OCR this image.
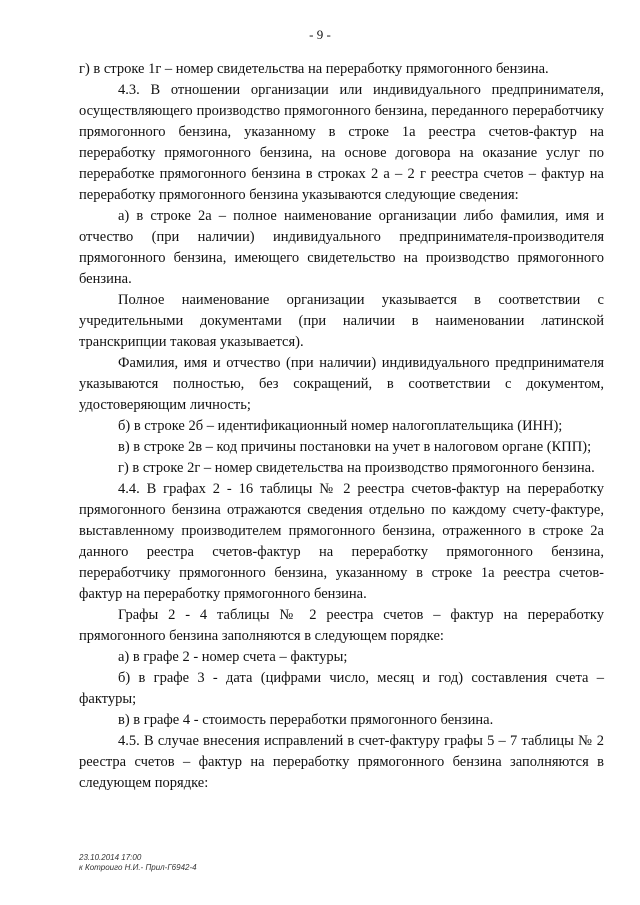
- 9 -

г) в строке 1г – номер свидетельства на переработку прямогонного бензина.

4.3. В отношении организации или индивидуального предпринимателя, осуществляющего производство прямогонного бензина, переданного переработчику прямогонного бензина, указанному в строке 1а реестра счетов-фактур на переработку прямогонного бензина, на основе договора на оказание услуг по переработке прямогонного бензина в строках 2 а – 2 г реестра счетов – фактур на переработку прямогонного бензина указываются следующие сведения:

а) в строке 2а – полное наименование организации либо фамилия, имя и отчество (при наличии) индивидуального предпринимателя-производителя прямогонного бензина, имеющего свидетельство на производство прямогонного бензина.

Полное наименование организации указывается в соответствии с учредительными документами (при наличии в наименовании латинской транскрипции таковая указывается).

Фамилия, имя и отчество (при наличии) индивидуального предпринимателя указываются полностью, без сокращений, в соответствии с документом, удостоверяющим личность;

б) в строке 2б – идентификационный номер налогоплательщика (ИНН);

в) в строке 2в – код причины постановки на учет в налоговом органе (КПП);

г) в строке 2г – номер свидетельства на производство прямогонного бензина.

4.4. В графах 2 - 16 таблицы № 2 реестра счетов-фактур на переработку прямогонного бензина отражаются сведения отдельно по каждому счету-фактуре, выставленному производителем прямогонного бензина, отраженного в строке 2а данного реестра счетов-фактур на переработку прямогонного бензина, переработчику прямогонного бензина, указанному в строке 1а реестра счетов-фактур на переработку прямогонного бензина.

Графы 2 - 4 таблицы № 2 реестра счетов – фактур на переработку прямогонного бензина заполняются в следующем порядке:

а) в графе 2 - номер счета – фактуры;

б) в графе 3 - дата (цифрами число, месяц и год) составления счета – фактуры;

в) в графе 4 - стоимость переработки прямогонного бензина.

4.5. В случае внесения исправлений в счет-фактуру графы 5 – 7 таблицы № 2 реестра счетов – фактур на переработку прямогонного бензина заполняются в следующем порядке:

23.10.2014 17:00
к Котроиго Н.И.- Прил-Г6942-4
